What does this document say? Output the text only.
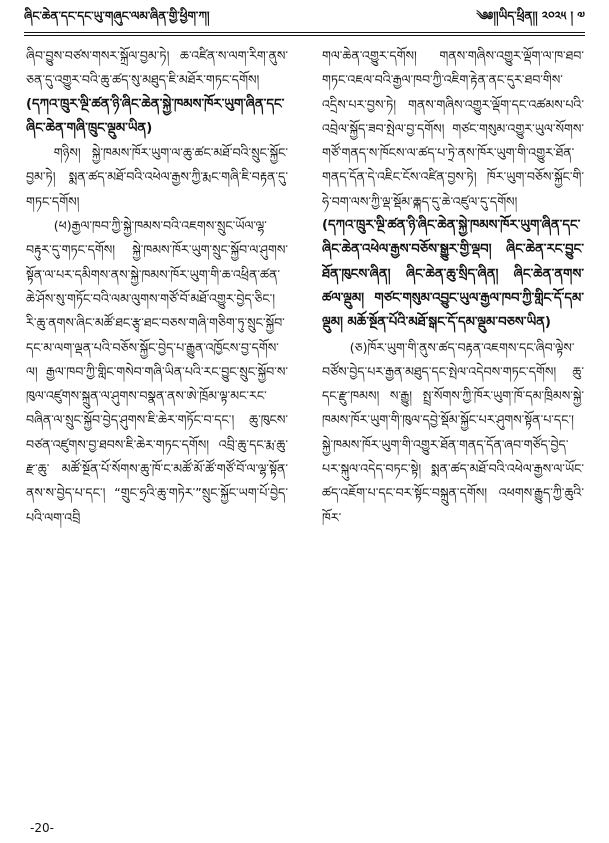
ཞིང་ཆེན་དང་དང་ཡུ་གཞུང་ལམ་ཞིན་གྱི་ཕྱིག་ཀ།	༄༅།།ཡིད་ཕྲིན།། ༢༠༢༥ ། ༧

ཞིབ་བྱུས་བཙས་གསར་སྐྲོལ་བྱམ་ཏེ། ཆ་འཛིན་ས་ལག་རིག་ནུས་ཅན་དུ་འགྱུར་བའི་ཆུ་ཚད་སུ་མཐུད་ཇི་མཐོར་གཏང་དགོས།

(དཀའ་ཁྲུར་ལྔི་ཚན་ཉི་ཞིང་ཆེན་སྐྱེ་ཁམས་ཁོར་ཡུག་ཞིན་དང་ཞིང་ཆེན་གཞི་ཁྲུང་ལྡུམ་ཡིན)

གཉིས། སྐྱེ་ཁམས་ཁོར་ཡུག་ལ་ཆུ་ཚང་མཐོ་བའི་སྲུང་སྐྱོང་བྱམ་ཏེ། སྨན་ཚད་མཐོ་བའི་འཕེལ་རྒྱས་ཀྱི་རྨང་གཞི་ཇི་བརྟན་དུ་གཏང་དགོས།

(ཕ)རྒྱལ་ཁབ་ཀྱི་སྐྱེ་ཁམས་བའི་འཇགས་སྲུང་ཡོལ་ལྷ་བརྟུར་དུ་གཏང་དགོས། སྐྱེ་ཁམས་ཁོར་ཡུག་སྲུང་སྐྱོབ་ལ་ཤུགས་སྟོན་ལ་པར་དམིགས་ནས་སྐྱེ་ཁམས་ཁོར་ཡུག་གི་ཆ་འཕྲིན་ཚན་ཆེ་ཤོས་སུ་གཏོང་བའི་ལམ་ལུགས་གཙོ་བོ་མཐོ་འགྱུར་བྱེད་ཅིང་། རི་ཆུ་ནགས་ཞིང་མཚོ་ཐང་རྩྭ་ཐང་བཅས་གཞི་གཅིག་ཏུ་སྲུང་སྐྱོབ་དང་མ་ལག་ལྡན་པའི་བཅོས་སྐྱོང་བྱེད་པ་རྒྱུན་འཁྱོངས་བྱ་དགོས་ལ། རྒྱལ་ཁབ་ཀྱི་གླིང་གསེབ་གཞི་ཡིན་པའི་རང་བྱུང་སྲུང་སྐྱོབ་ས་ཁུལ་འཛུགས་སྐྲུན་ལ་ཤུགས་བསྣན་ནས་ཨེ་ཁྲོམ་ལྟ་མང་རང་བཞིན་ལ་སྲུང་སྐྱོབ་བྱེད་ཤུགས་ཇི་ཆེར་གཏོང་བ་དང་། ཆུ་ཁུངས་བཙན་འཛུགས་བྱ་ཐབས་ཇི་ཆེར་གཏང་དགོས། འབྲི་ཆུ་དང་རྨ་ཆུ་ རྫ་ཆུ་ མཚོ་སྔོན་པོ་སོགས་ཆུ་ཁོ་ང་མཚོ་མོ་ཚོ་གཙོ་བོ་ལ་ལྷ་སྟོན་ནས་ས་བྱེད་པ་དང་། “གྲུང་ཧྲའི་ཆུ་གཏེར་”སྲུང་སྐྱོང་ཡག་པོ་བྱེད་པའི་ལག་འབྲི

གལ་ཆེན་འགྱུར་དགོས། གནས་གཞིས་འགྱུར་ལྡོག་ལ་ཁ་ཐབ་གཏང་འཇལ་བའི་རྒྱལ་ཁབ་ཀྱི་འཇིག་རྟེན་ནང་དུར་ཐབ་གིས་འདྲིས་པར་བྱས་ཏེ། གནས་གཞིས་འགྱུར་ལྡོག་དང་འཚམས་པའི་འབྲེལ་སྐྱོད་ཟབ་སྤེལ་བྱ་དགོས། གཙང་གསུམ་འགྱུར་ཡུལ་སོགས་གཙོ་གནད་ས་ཁོངས་ལ་ཚད་པ་ཏྲེ་ནས་ཁོར་ཡུག་གི་འགྱུར་ཐོན་གནད་དོན་དེ་འཇིང་ངོས་འཛིན་བྱས་ཏེ། ཁོར་ཡུག་བཅོས་སྐྱོང་གི་ཧེ་བག་ལས་ཀྱི་ལྡ་སྡོམ་ཆྐད་དུ་ཆེ་འཛུལ་དུ་དགོས།

(དཀའ་ཁྲུར་ལྔི་ཚན་ཉི་ཞིང་ཆེན་སྐྱེ་ཁམས་ཁོར་ཡུག་ཞིན་དང་ཞིང་ཆེན་འཕེལ་རྒྱས་བཅོས་སྒྱུར་གྱི་ལྡབ། ཞིང་ཆེན་རང་བྱུང་ཐོན་ཁུངས་ཞིན། ཞིང་ཆེན་ཆུ་སྲིད་ཞིན། ཞིང་ཆེན་ནགས་ཚལ་ལྡུམ། གཙང་གསུམ་འབྱུང་ཡུལ་རྒྱལ་ཁབ་ཀྱི་གླིང་དོ་དམ་ལྡུམ། མཆོ་སྔོན་པོའི་མཐོ་སྒང་དོ་དམ་ལྡུམ་བཅས་ཡིན)

(ཅ)ཁོར་ཡུག་གི་ནུས་ཚད་བརྟན་འཇགས་དང་ཞིབ་ལྟེས་བཙོས་བྱེད་པར་རྒྱན་མཐུད་དང་སྤེལ་འདེབས་གཏང་དགོས། ཆུ་དང་རྫུ་ཁམས། ས་རྒྱུ། སྤྲ་སོགས་ཀྱི་ཁོར་ཡུག་ཁོ་དམ་ཁྲིམས་སྐྱེ་ཁམས་ཁོར་ཡུག་གི་ཁུལ་དབྱེ་སྡོམ་སྐྱོང་པར་ཤུགས་སྟོན་པ་དང་། སྐྱེ་ཁམས་ཁོར་ཡུག་གི་འགྱུར་ཐོན་གནད་དོན་ཞབ་གཙོད་བྱེད་པར་སྐུལ་འདེད་བཏང་སྟེ། སྨན་ཚད་མཐོ་བའི་འཕེལ་རྒྱས་ལ་ཡོང་ཚད་འཇོག་པ་དང་བར་སྟོང་བསྐྲུན་དགོས། འཕགས་རྒྱུད་ཀྱི་ཆུའི་ཁོར་

-20-
